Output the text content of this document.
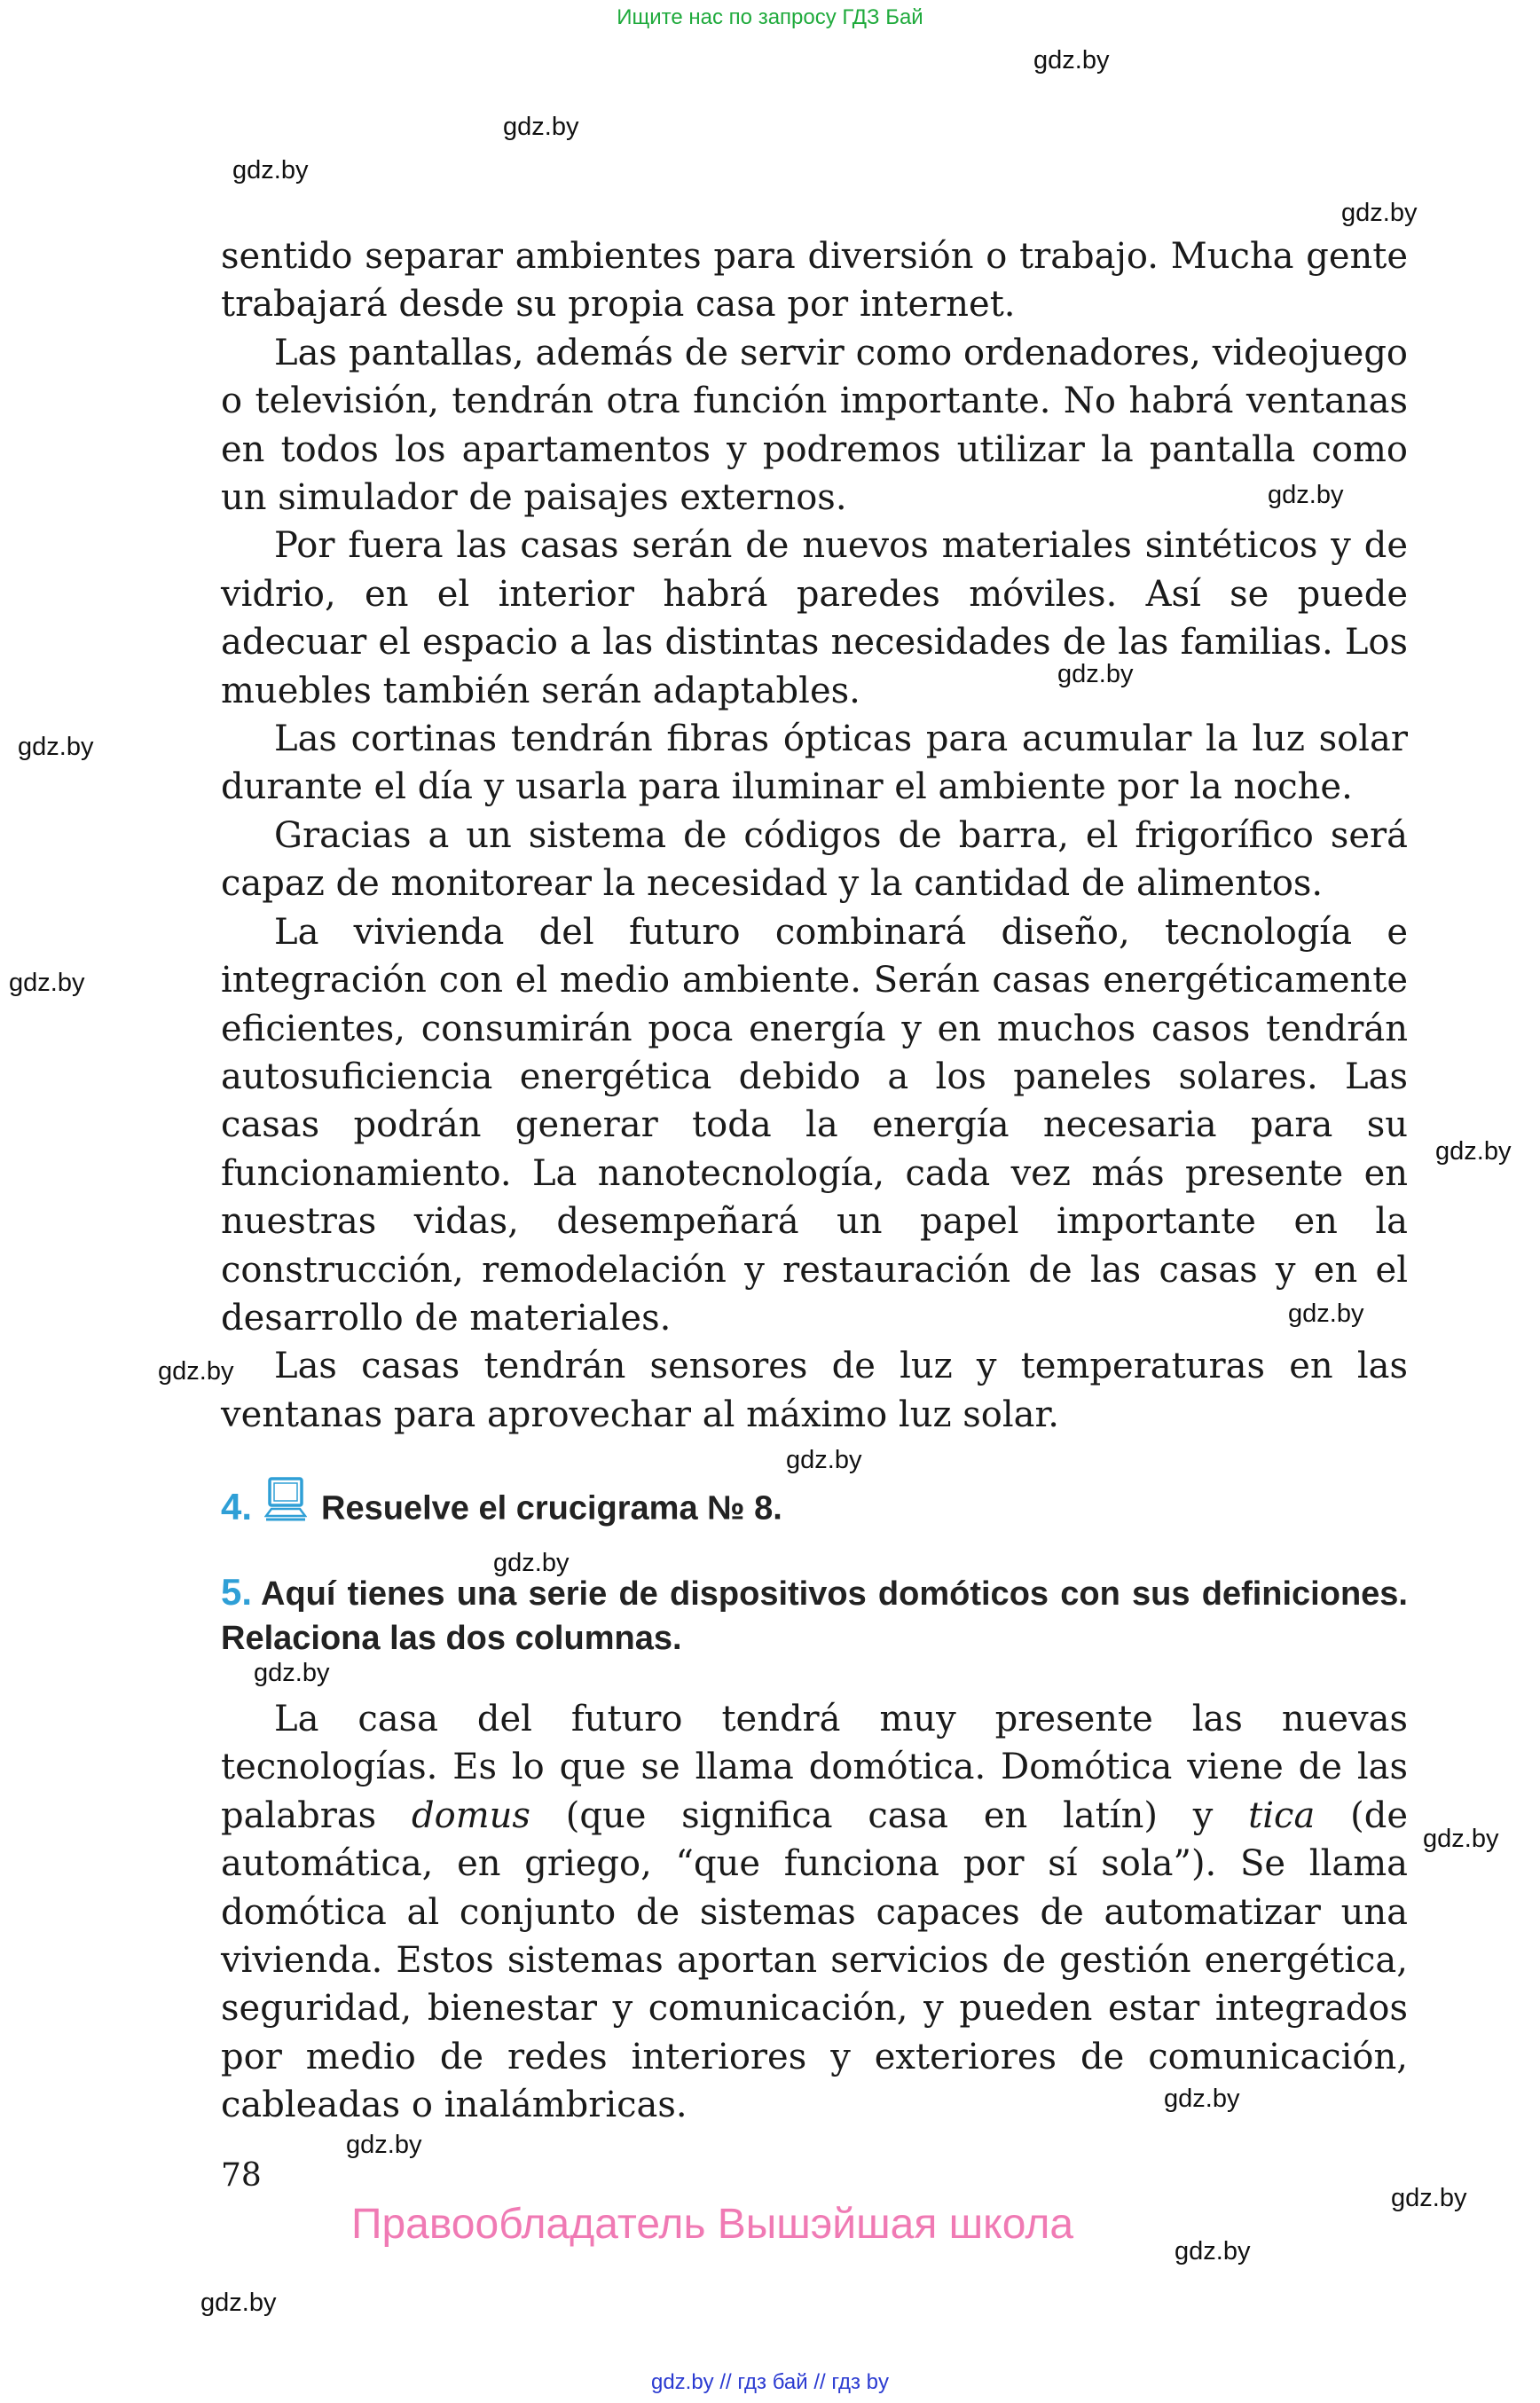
Ищите нас по запросу ГДЗ Бай
gdz.by
gdz.by
gdz.by
gdz.by
gdz.by
gdz.by
gdz.by
gdz.by
gdz.by
gdz.by
gdz.by
gdz.by
gdz.by
gdz.by
gdz.by
gdz.by
gdz.by
gdz.by
gdz.by
gdz.by

sentido separar ambientes para diversión o trabajo. Mucha gente trabajará desde su propia casa por internet.

Las pantallas, además de servir como ordenadores, videojuego o televisión, tendrán otra función importante. No habrá ventanas en todos los apartamentos y podremos utilizar la pantalla como un simulador de paisajes externos.

Por fuera las casas serán de nuevos materiales sintéticos y de vidrio, en el interior habrá paredes móviles. Así se puede adecuar el espacio a las distintas necesidades de las familias. Los muebles también serán adaptables.

Las cortinas tendrán fibras ópticas para acumular la luz solar durante el día y usarla para iluminar el ambiente por la noche.

Gracias a un sistema de códigos de barra, el frigorífico será capaz de monitorear la necesidad y la cantidad de alimentos.

La vivienda del futuro combinará diseño, tecnología e integración con el medio ambiente. Serán casas energéticamente eficientes, consumirán poca energía y en muchos casos tendrán autosuficiencia energética debido a los paneles solares. Las casas podrán generar toda la energía necesaria para su funcionamiento. La nanotecnología, cada vez más presente en nuestras vidas, desempeñará un papel importante en la construcción, remodelación y restauración de las casas y en el desarrollo de materiales.

Las casas tendrán sensores de luz y temperaturas en las ventanas para aprovechar al máximo luz solar.

4. Resuelve el crucigrama № 8.
5. Aquí tienes una serie de dispositivos domóticos con sus definiciones. Relaciona las dos columnas.

La casa del futuro tendrá muy presente las nuevas tecnologías. Es lo que se llama domótica. Domótica viene de las palabras domus (que significa casa en latín) y tica (de automática, en griego, “que funciona por sí sola”). Se llama domótica al conjunto de sistemas capaces de automatizar una vivienda. Estos sistemas aportan servicios de gestión energética, seguridad, bienestar y comunicación, y pueden estar integrados por medio de redes interiores y exteriores de comunicación, cableadas o inalámbricas.

78
Правообладатель Вышэйшая школа
gdz.by // гдз бай // гдз by
